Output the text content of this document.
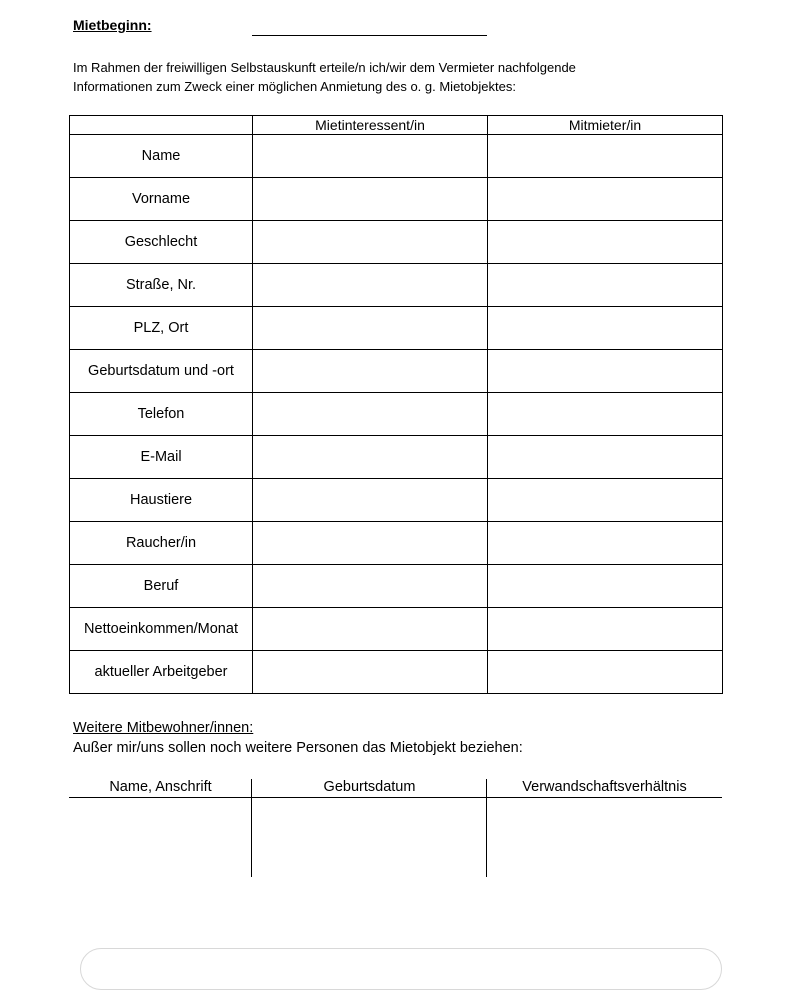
Mietbeginn:
Im Rahmen der freiwilligen Selbstauskunft erteile/n ich/wir dem Vermieter nachfolgende
Informationen zum Zweck einer möglichen Anmietung des o. g. Mietobjektes:
	Mietinteressent/in	Mitmieter/in
Name		
Vorname		
Geschlecht		
Straße, Nr.		
PLZ, Ort		
Geburtsdatum und -ort		
Telefon		
E-Mail		
Haustiere		
Raucher/in		
Beruf		
Nettoeinkommen/Monat		
aktueller Arbeitgeber		
Weitere Mitbewohner/innen:
Außer mir/uns sollen noch weitere Personen das Mietobjekt beziehen:
Name, Anschrift	Geburtsdatum	Verwandschaftsverhältnis
